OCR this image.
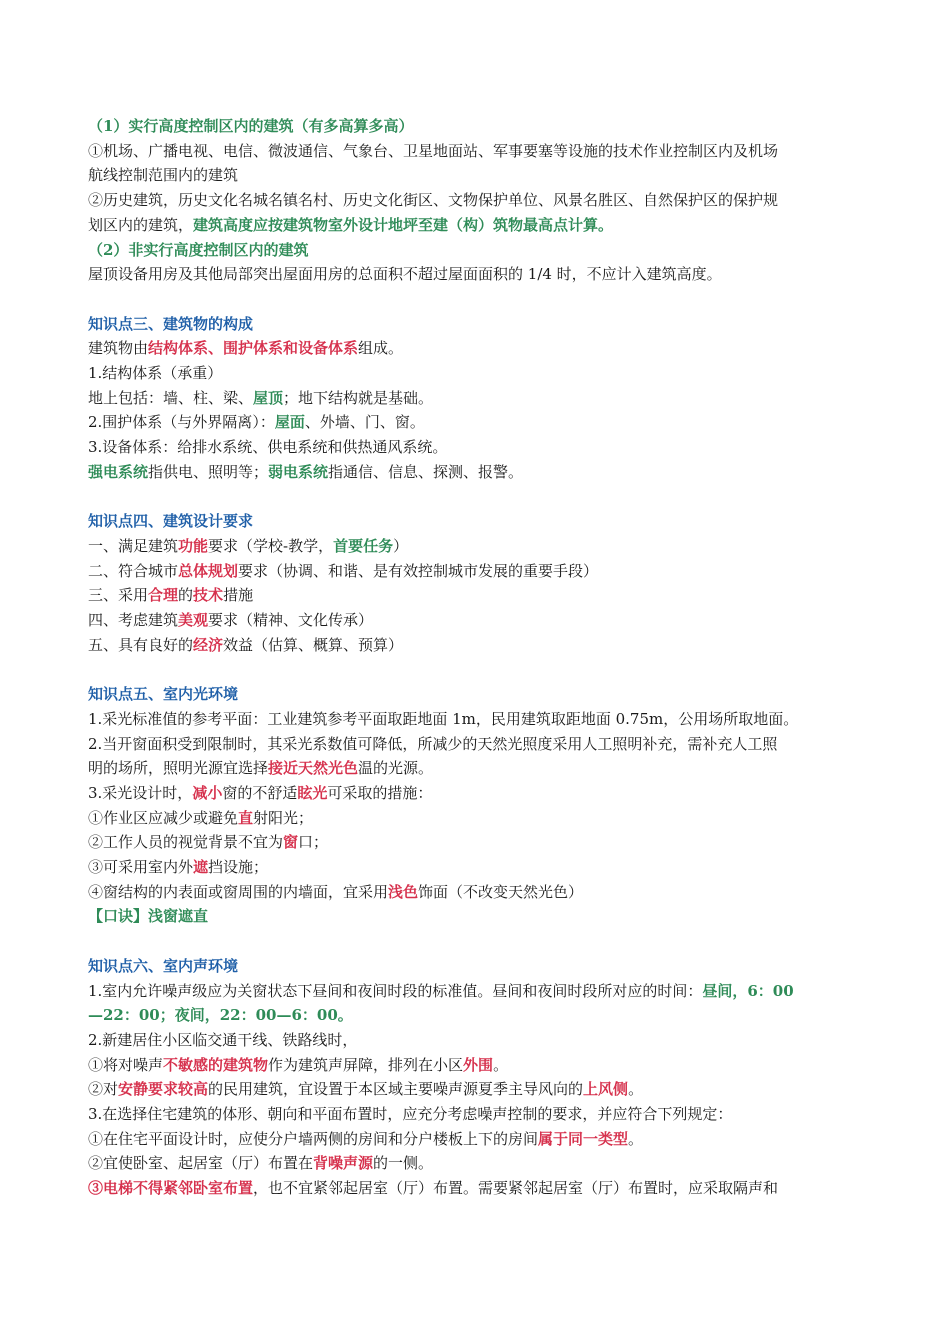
（1）实行高度控制区内的建筑（有多高算多高）
①机场、广播电视、电信、微波通信、气象台、卫星地面站、军事要塞等设施的技术作业控制区内及机场
航线控制范围内的建筑
②历史建筑，历史文化名城名镇名村、历史文化街区、文物保护单位、风景名胜区、自然保护区的保护规
划区内的建筑，建筑高度应按建筑物室外设计地坪至建（构）筑物最高点计算。
（2）非实行高度控制区内的建筑
屋顶设备用房及其他局部突出屋面用房的总面积不超过屋面面积的 1/4 时，不应计入建筑高度。
知识点三、建筑物的构成
建筑物由结构体系、围护体系和设备体系组成。
1.结构体系（承重）
地上包括：墙、柱、梁、屋顶；地下结构就是基础。
2.围护体系（与外界隔离）：屋面、外墙、门、窗。
3.设备体系：给排水系统、供电系统和供热通风系统。
强电系统指供电、照明等；弱电系统指通信、信息、探测、报警。
知识点四、建筑设计要求
一、满足建筑功能要求（学校-教学，首要任务）
二、符合城市总体规划要求（协调、和谐、是有效控制城市发展的重要手段）
三、采用合理的技术措施
四、考虑建筑美观要求（精神、文化传承）
五、具有良好的经济效益（估算、概算、预算）
知识点五、室内光环境
1.采光标准值的参考平面：工业建筑参考平面取距地面 1m，民用建筑取距地面 0.75m，公用场所取地面。
2.当开窗面积受到限制时，其采光系数值可降低，所减少的天然光照度采用人工照明补充，需补充人工照
明的场所，照明光源宜选择接近天然光色温的光源。
3.采光设计时，减小窗的不舒适眩光可采取的措施：
①作业区应减少或避免直射阳光；
②工作人员的视觉背景不宜为窗口；
③可采用室内外遮挡设施；
④窗结构的内表面或窗周围的内墙面，宜采用浅色饰面（不改变天然光色）
【口诀】浅窗遮直
知识点六、室内声环境
1.室内允许噪声级应为关窗状态下昼间和夜间时段的标准值。昼间和夜间时段所对应的时间：昼间，6：00
—22：00；夜间，22：00—6：00。
2.新建居住小区临交通干线、铁路线时，
①将对噪声不敏感的建筑物作为建筑声屏障，排列在小区外围。
②对安静要求较高的民用建筑，宜设置于本区域主要噪声源夏季主导风向的上风侧。
3.在选择住宅建筑的体形、朝向和平面布置时，应充分考虑噪声控制的要求，并应符合下列规定：
①在住宅平面设计时，应使分户墙两侧的房间和分户楼板上下的房间属于同一类型。
②宜使卧室、起居室（厅）布置在背噪声源的一侧。
③电梯不得紧邻卧室布置，也不宜紧邻起居室（厅）布置。需要紧邻起居室（厅）布置时，应采取隔声和
